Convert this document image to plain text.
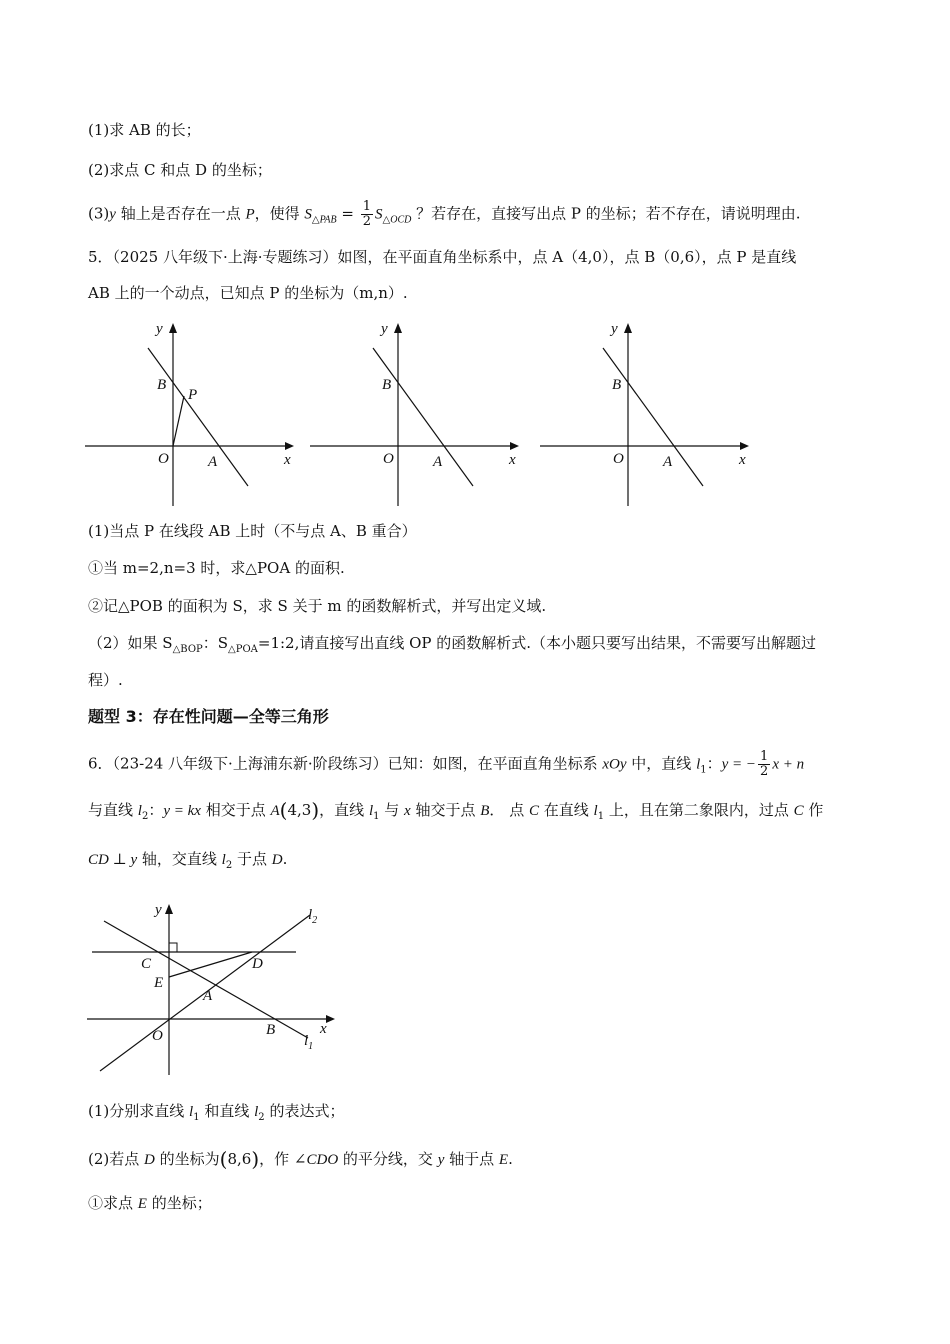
(1)求 AB 的长；
(2)求点 C 和点 D 的坐标；
(3)y 轴上是否存在一点 P，使得 $S_{\triangle PAB} = \frac{1}{2} S_{\triangle OCD}$ ？若存在，直接写出点 P 的坐标；若不存在，请说明理由.
5．（2025 八年级下·上海·专题练习）如图，在平面直角坐标系中，点 A（4,0），点 B（0,6），点 P 是直线
AB 上的一个动点，已知点 P 的坐标为（m,n）.
y
B
P
O	A	x
y
B
O	A	x
y
B
O	A	x
(1)当点 P 在线段 AB 上时（不与点 A、B 重合）
①当 m=2,n=3 时，求△POA 的面积.
②记△POB 的面积为 S，求 S 关于 m 的函数解析式，并写出定义域.
（2）如果 $S_{\triangle BOP}$：$S_{\triangle POA}=1:2$,请直接写出直线 OP 的函数解析式.（本小题只要写出结果，不需要写出解题过
程）.
题型 3：存在性问题—全等三角形
6．（23-24 八年级下·上海浦东新·阶段练习）已知：如图，在平面直角坐标系 xOy 中，直线 $l_1$：y = − $\frac{1}{2}$ x + n
与直线 $l_2$：y = kx 相交于点 A(4,3)，直线 $l_1$ 与 x 轴交于点 B． 点 C 在直线 $l_1$ 上，且在第二象限内，过点 C 作
CD ⊥ y 轴，交直线 $l_2$ 于点 D.
y
C	D
E
A
O	B	x
$l_2$
$l_1$
(1)分别求直线 $l_1$ 和直线 $l_2$ 的表达式；
(2)若点 D 的坐标为(8,6)，作 ∠CDO 的平分线，交 y 轴于点 E.
①求点 E 的坐标；
